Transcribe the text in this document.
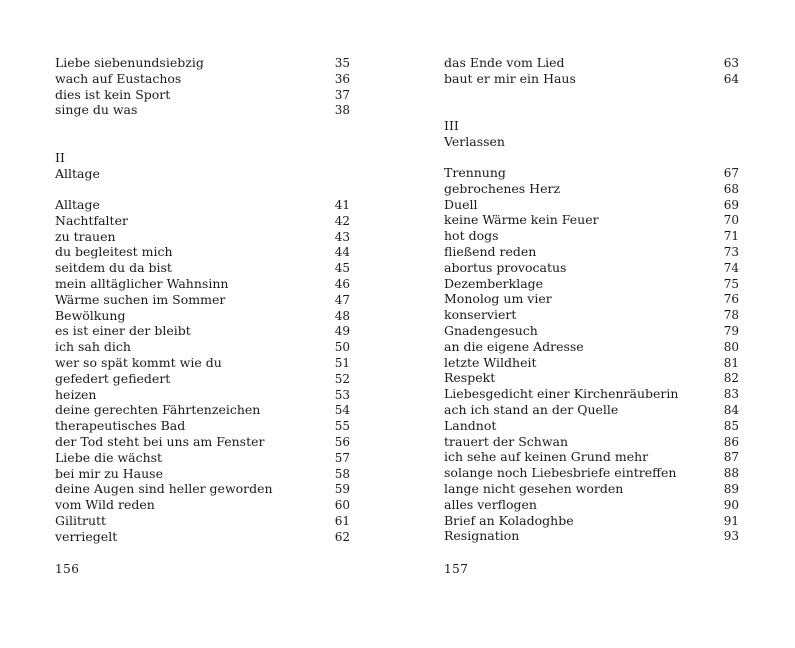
Liebe siebenundsiebzig	35
wach auf Eustachos	36
dies ist kein Sport	37
singe du was	38
II
Alltage
Alltage	41
Nachtfalter	42
zu trauen	43
du begleitest mich	44
seitdem du da bist	45
mein alltäglicher Wahnsinn	46
Wärme suchen im Sommer	47
Bewölkung	48
es ist einer der bleibt	49
ich sah dich	50
wer so spät kommt wie du	51
gefedert gefiedert	52
heizen	53
deine gerechten Fährtenzeichen	54
therapeutisches Bad	55
der Tod steht bei uns am Fenster	56
Liebe die wächst	57
bei mir zu Hause	58
deine Augen sind heller geworden	59
vom Wild reden	60
Gilitrutt	61
verriegelt	62
156
das Ende vom Lied	63
baut er mir ein Haus	64
III
Verlassen
Trennung	67
gebrochenes Herz	68
Duell	69
keine Wärme kein Feuer	70
hot dogs	71
fließend reden	73
abortus provocatus	74
Dezemberklage	75
Monolog um vier	76
konserviert	78
Gnadengesuch	79
an die eigene Adresse	80
letzte Wildheit	81
Respekt	82
Liebesgedicht einer Kirchenräuberin	83
ach ich stand an der Quelle	84
Landnot	85
trauert der Schwan	86
ich sehe auf keinen Grund mehr	87
solange noch Liebesbriefe eintreffen	88
lange nicht gesehen worden	89
alles verflogen	90
Brief an Koladoghbe	91
Resignation	93
157
